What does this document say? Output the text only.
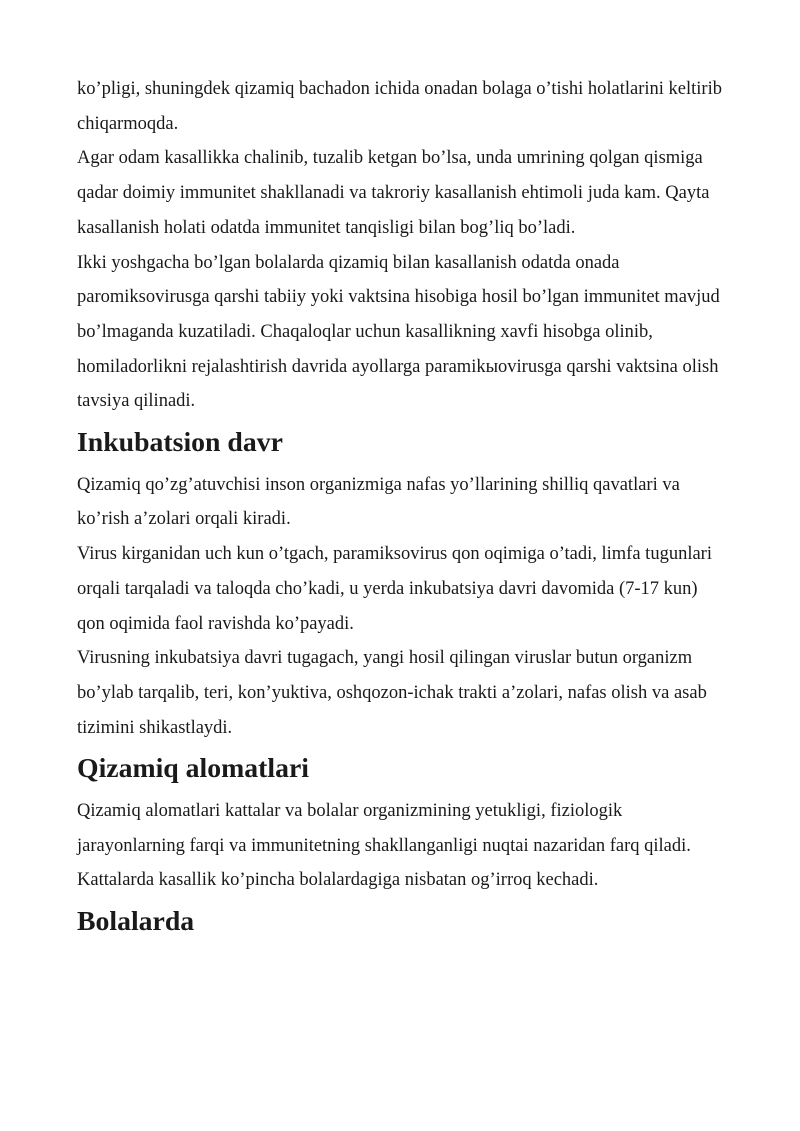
ko’pligi, shuningdek qizamiq bachadon ichida onadan bolaga o’tishi holatlarini keltirib chiqarmoqda.

Agar odam kasallikka chalinib, tuzalib ketgan bo’lsa, unda umrining qolgan qismiga qadar doimiy immunitet shakllanadi va takroriy kasallanish ehtimoli juda kam. Qayta kasallanish holati odatda immunitet tanqisligi bilan bog’liq bo’ladi.

Ikki yoshgacha bo’lgan bolalarda qizamiq bilan kasallanish odatda onada paromiksovirusga qarshi tabiiy yoki vaktsina hisobiga hosil bo’lgan immunitet mavjud bo’lmaganda kuzatiladi. Chaqaloqlar uchun kasallikning xavfi hisobga olinib, homiladorlikni rejalashtirish davrida ayollarga paramikыovirusga qarshi vaktsina olish tavsiya qilinadi.

Inkubatsion davr

Qizamiq qo’zg’atuvchisi inson organizmiga nafas yo’llarining shilliq qavatlari va ko’rish a’zolari orqali kiradi.

Virus kirganidan uch kun o’tgach, paramiksovirus qon oqimiga o’tadi, limfa tugunlari orqali tarqaladi va taloqda cho’kadi, u yerda inkubatsiya davri davomida (7-17 kun) qon oqimida faol ravishda ko’payadi.

Virusning inkubatsiya davri tugagach, yangi hosil qilingan viruslar butun organizm bo’ylab tarqalib, teri, kon’yuktiva, oshqozon-ichak trakti a’zolari, nafas olish va asab tizimini shikastlaydi.

Qizamiq alomatlari

Qizamiq alomatlari kattalar va bolalar organizmining yetukligi, fiziologik jarayonlarning farqi va immunitetning shakllanganligi nuqtai nazaridan farq qiladi. Kattalarda kasallik ko’pincha bolalardagiga nisbatan og’irroq kechadi.

Bolalarda
